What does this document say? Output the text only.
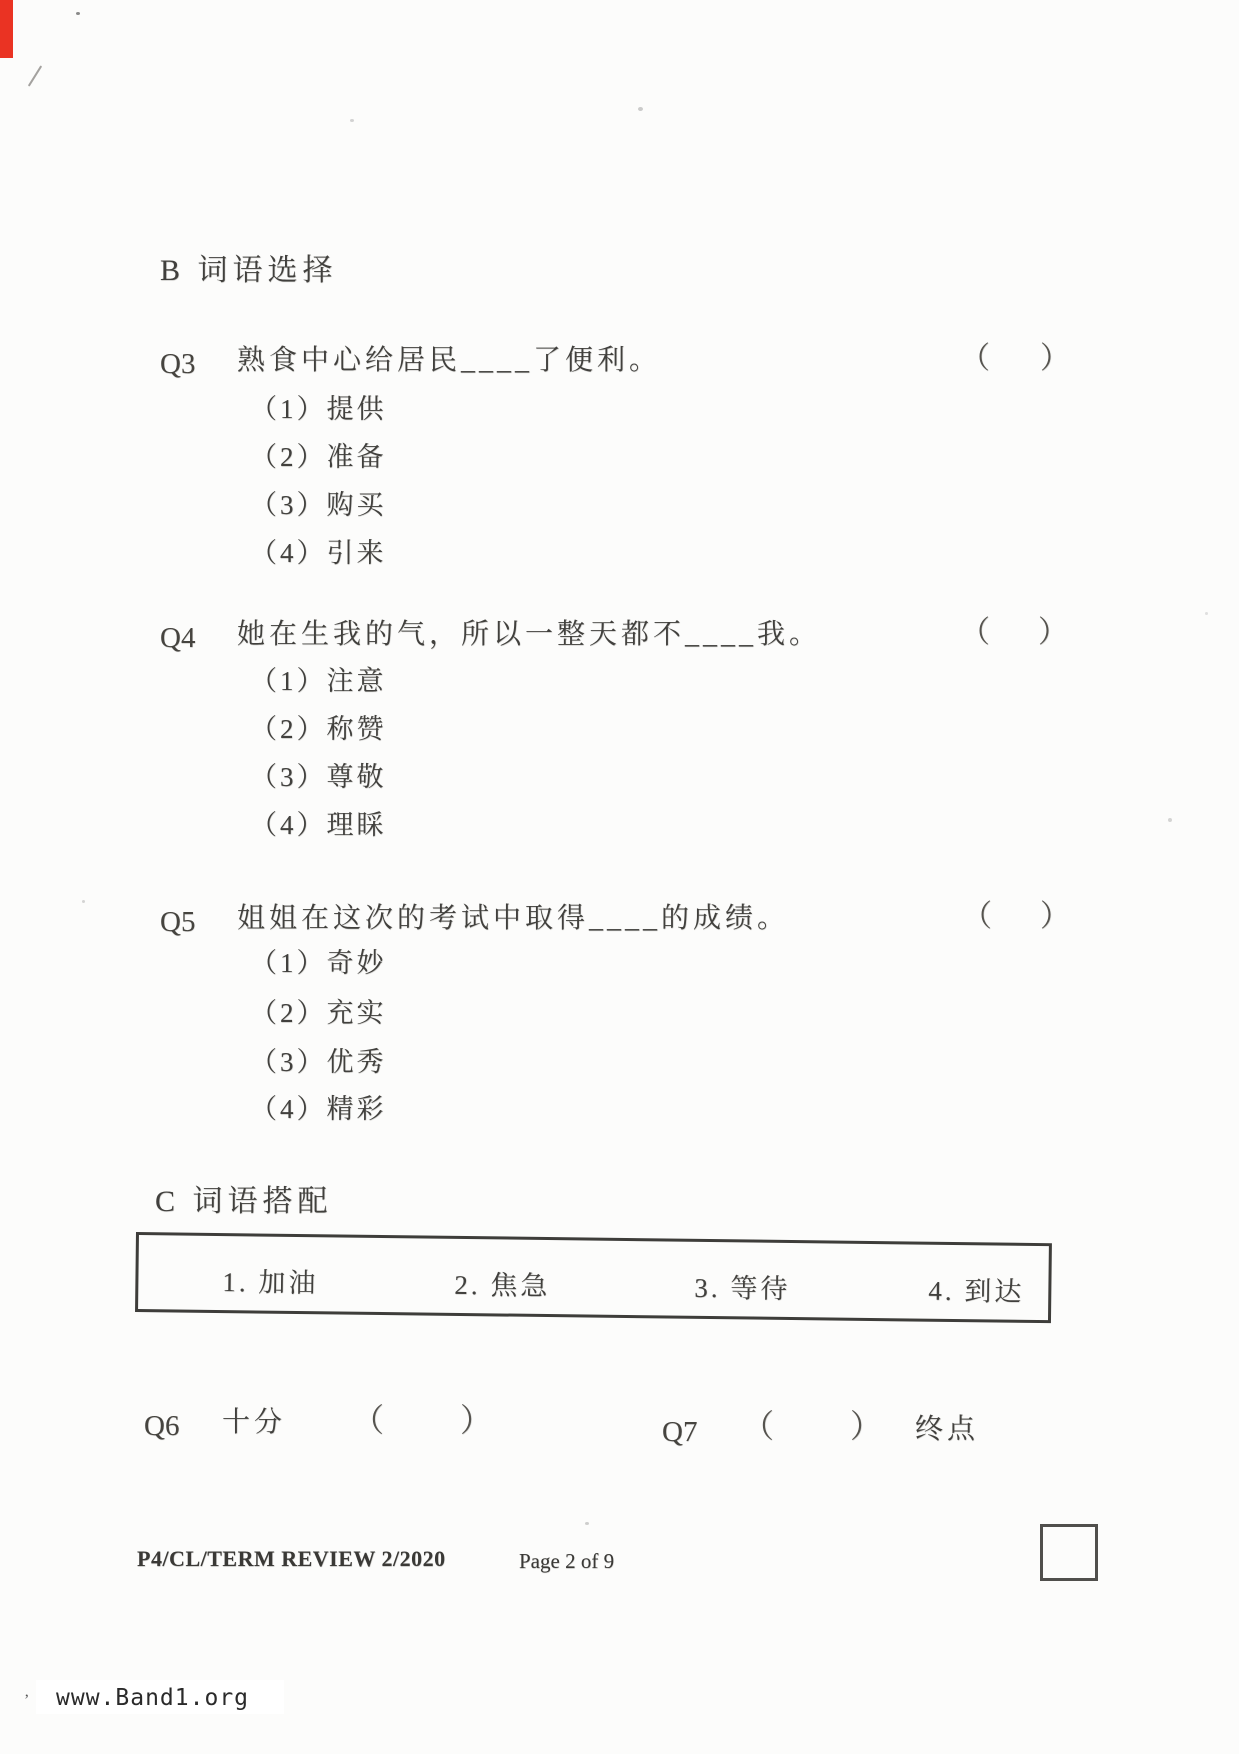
B 词语选择
Q3 熟食中心给居民____了便利。	（ ）
（1）提供
（2）准备
（3）购买
（4）引来
Q4 她在生我的气，所以一整天都不____我。	（ ）
（1）注意
（2）称赞
（3）尊敬
（4）理睬
Q5 姐姐在这次的考试中取得____的成绩。	（ ）
（1）奇妙
（2）充实
（3）优秀
（4）精彩
C 词语搭配
1. 加油	2. 焦急	3. 等待	4. 到达
Q6 十分 （ ）	Q7 （ ） 终点
P4/CL/TERM REVIEW 2/2020	Page 2 of 9
’ www.Band1.org
